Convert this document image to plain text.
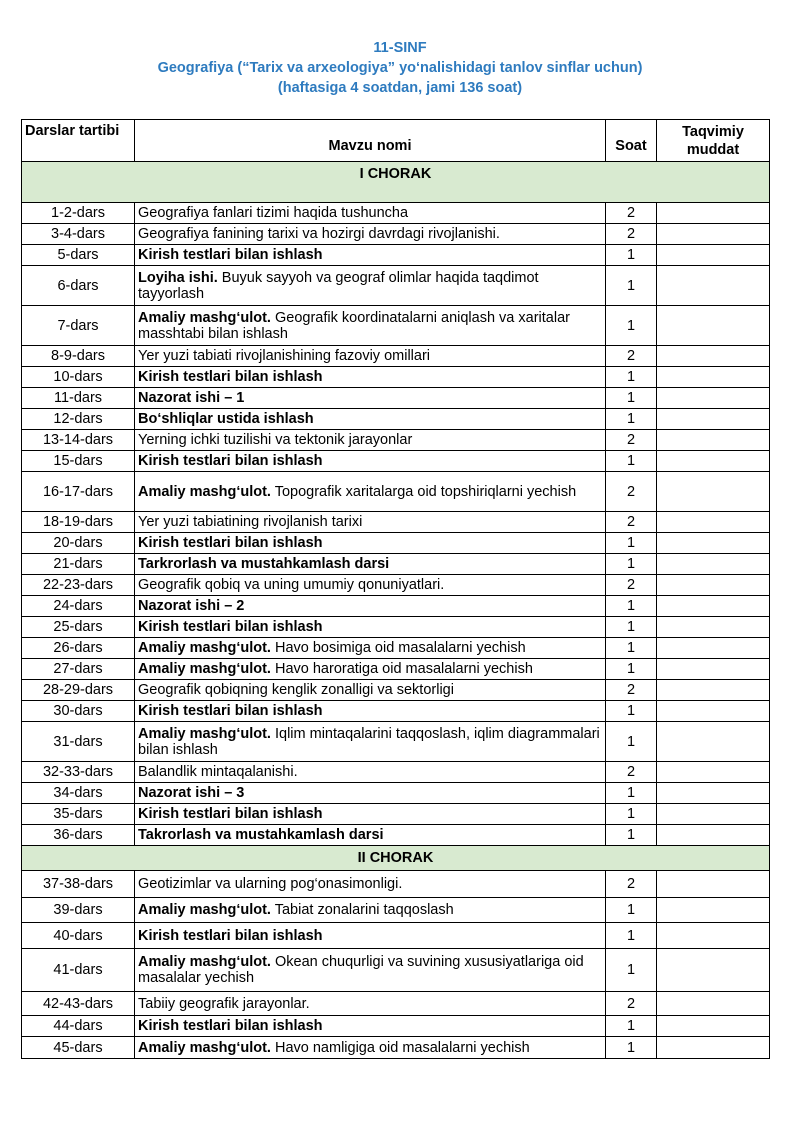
11-SINF
Geografiya (“Tarix va arxeologiya” yo‘nalishidagi tanlov sinflar uchun)
(haftasiga 4 soatdan, jami 136 soat)
Darslar tartibi	Mavzu nomi	Soat	Taqvimiy muddat
I CHORAK			
1-2-dars	Geografiya fanlari tizimi haqida tushuncha	2	
3-4-dars	Geografiya fanining tarixi va hozirgi davrdagi rivojlanishi.	2	
5-dars	Kirish testlari bilan ishlash	1	
6-dars	Loyiha ishi. Buyuk sayyoh va geograf olimlar haqida taqdimot tayyorlash	1	
7-dars	Amaliy mashg‘ulot. Geografik koordinatalarni aniqlash va xaritalar masshtabi bilan ishlash	1	
8-9-dars	Yer yuzi tabiati rivojlanishining fazoviy omillari	2	
10-dars	Kirish testlari bilan ishlash	1	
11-dars	Nazorat ishi – 1	1	
12-dars	Bo‘shliqlar ustida ishlash	1	
13-14-dars	Yerning ichki tuzilishi va tektonik jarayonlar	2	
15-dars	Kirish testlari bilan ishlash	1	
16-17-dars	Amaliy mashg‘ulot. Topografik xaritalarga oid topshiriqlarni yechish	2	
18-19-dars	Yer yuzi tabiatining rivojlanish tarixi	2	
20-dars	Kirish testlari bilan ishlash	1	
21-dars	Tarkrorlash va mustahkamlash darsi	1	
22-23-dars	Geografik qobiq va uning umumiy qonuniyatlari.	2	
24-dars	Nazorat ishi – 2	1	
25-dars	Kirish testlari bilan ishlash	1	
26-dars	Amaliy mashg‘ulot. Havo bosimiga oid masalalarni yechish	1	
27-dars	Amaliy mashg‘ulot. Havo haroratiga oid masalalarni yechish	1	
28-29-dars	Geografik qobiqning kenglik zonalligi va sektorligi	2	
30-dars	Kirish testlari bilan ishlash	1	
31-dars	Amaliy mashg‘ulot. Iqlim mintaqalarini taqqoslash, iqlim diagrammalari bilan ishlash	1	
32-33-dars	Balandlik mintaqalanishi.	2	
34-dars	Nazorat ishi – 3	1	
35-dars	Kirish testlari bilan ishlash	1	
36-dars	Takrorlash va mustahkamlash darsi	1	
II CHORAK			
37-38-dars	Geotizimlar va ularning pog‘onasimonligi.	2	
39-dars	Amaliy mashg‘ulot. Tabiat zonalarini taqqoslash	1	
40-dars	Kirish testlari bilan ishlash	1	
41-dars	Amaliy mashg‘ulot. Okean chuqurligi va suvining xususiyatlariga oid masalalar yechish	1	
42-43-dars	Tabiiy geografik jarayonlar.	2	
44-dars	Kirish testlari bilan ishlash	1	
45-dars	Amaliy mashg‘ulot. Havo namligiga oid masalalarni yechish	1	
